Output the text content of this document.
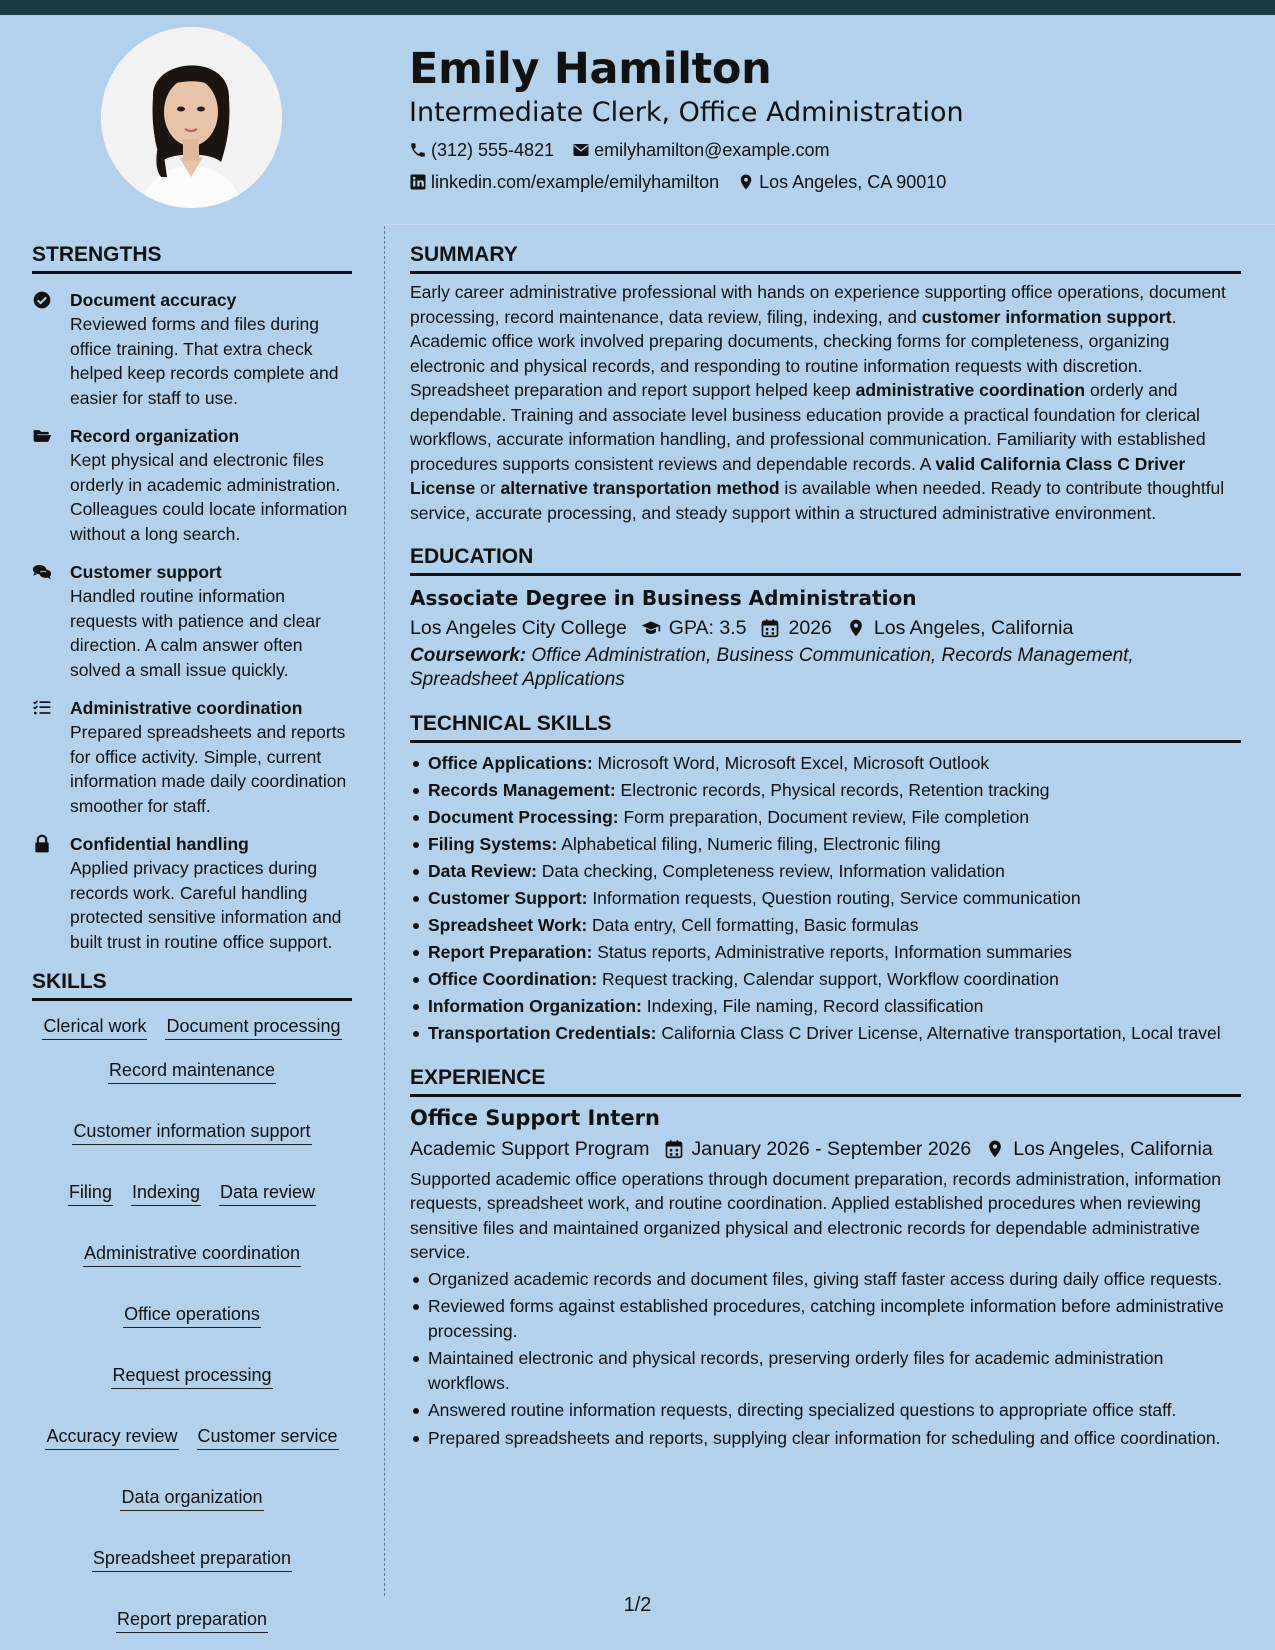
Emily Hamilton
Intermediate Clerk, Office Administration
(312) 555-4821 emilyhamilton@example.com
linkedin.com/example/emilyhamilton Los Angeles, CA 90010
STRENGTHS
Document accuracy
Reviewed forms and files during office training. That extra check helped keep records complete and easier for staff to use.
Record organization
Kept physical and electronic files orderly in academic administration. Colleagues could locate information without a long search.
Customer support
Handled routine information requests with patience and clear direction. A calm answer often solved a small issue quickly.
Administrative coordination
Prepared spreadsheets and reports for office activity. Simple, current information made daily coordination smoother for staff.
Confidential handling
Applied privacy practices during records work. Careful handling protected sensitive information and built trust in routine office support.
SKILLS
Clerical work Document processing
Record maintenance
Customer information support
Filing Indexing Data review
Administrative coordination
Office operations
Request processing
Accuracy review Customer service
Data organization
Spreadsheet preparation
Report preparation
SUMMARY

Early career administrative professional with hands on experience supporting office operations, document processing, record maintenance, data review, filing, indexing, and customer information support. Academic office work involved preparing documents, checking forms for completeness, organizing electronic and physical records, and responding to routine information requests with discretion. Spreadsheet preparation and report support helped keep administrative coordination orderly and dependable. Training and associate level business education provide a practical foundation for clerical workflows, accurate information handling, and professional communication. Familiarity with established procedures supports consistent reviews and dependable records. A valid California Class C Driver License or alternative transportation method is available when needed. Ready to contribute thoughtful service, accurate processing, and steady support within a structured administrative environment.

EDUCATION
Associate Degree in Business Administration
Los Angeles City College GPA: 3.5 2026 Los Angeles, California
Coursework: Office Administration, Business Communication, Records Management, Spreadsheet Applications
TECHNICAL SKILLS
Office Applications: Microsoft Word, Microsoft Excel, Microsoft Outlook
Records Management: Electronic records, Physical records, Retention tracking
Document Processing: Form preparation, Document review, File completion
Filing Systems: Alphabetical filing, Numeric filing, Electronic filing
Data Review: Data checking, Completeness review, Information validation
Customer Support: Information requests, Question routing, Service communication
Spreadsheet Work: Data entry, Cell formatting, Basic formulas
Report Preparation: Status reports, Administrative reports, Information summaries
Office Coordination: Request tracking, Calendar support, Workflow coordination
Information Organization: Indexing, File naming, Record classification
Transportation Credentials: California Class C Driver License, Alternative transportation, Local travel
EXPERIENCE
Office Support Intern
Academic Support Program January 2026 - September 2026 Los Angeles, California
Supported academic office operations through document preparation, records administration, information requests, spreadsheet work, and routine coordination. Applied established procedures when reviewing sensitive files and maintained organized physical and electronic records for dependable administrative service.
Organized academic records and document files, giving staff faster access during daily office requests.
Reviewed forms against established procedures, catching incomplete information before administrative processing.
Maintained electronic and physical records, preserving orderly files for academic administration workflows.
Answered routine information requests, directing specialized questions to appropriate office staff.
Prepared spreadsheets and reports, supplying clear information for scheduling and office coordination.
1/2
